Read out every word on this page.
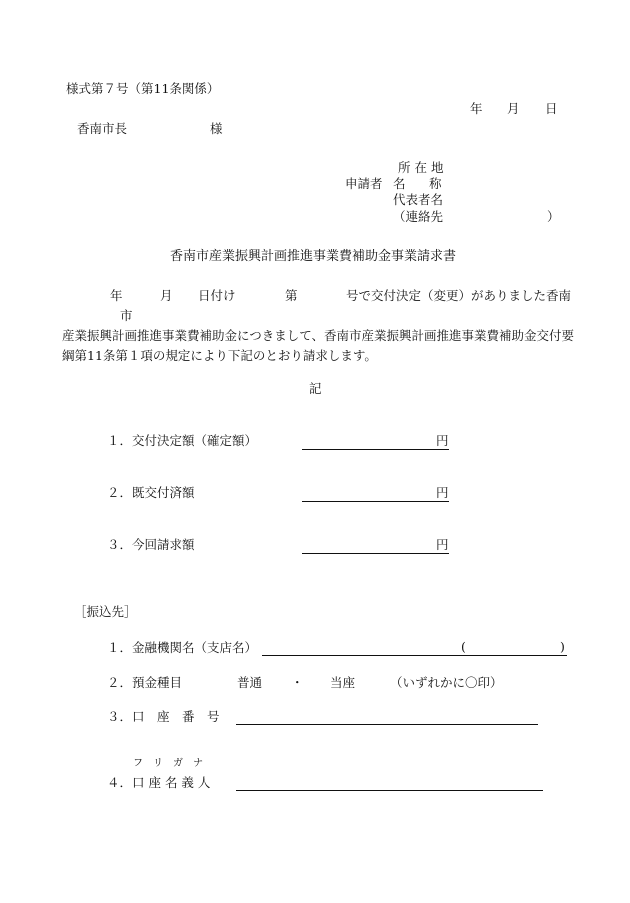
様式第７号（第11条関係）
年 月 日
香南市長	様
所 在 地
申請者 名 称
代表者名
（連絡先	）
香南市産業振興計画推進事業費補助金事業請求書
年	月 日付け	第	号で交付決定（変更）がありました香南
市
産業振興計画推進事業費補助金につきまして、香南市産業振興計画推進事業費補助金交付要
綱第11条第１項の規定により下記のとおり請求します。
記
１．交付決定額（確定額）	円
２．既交付済額	円
３．今回請求額	円
［振込先］
１．金融機関名（支店名）	(	)
２．預金種目	普通 ・ 当座	（いずれかに〇印）
３．口　座　番　号
フ　リ　ガ　ナ
４．口 座 名 義 人
